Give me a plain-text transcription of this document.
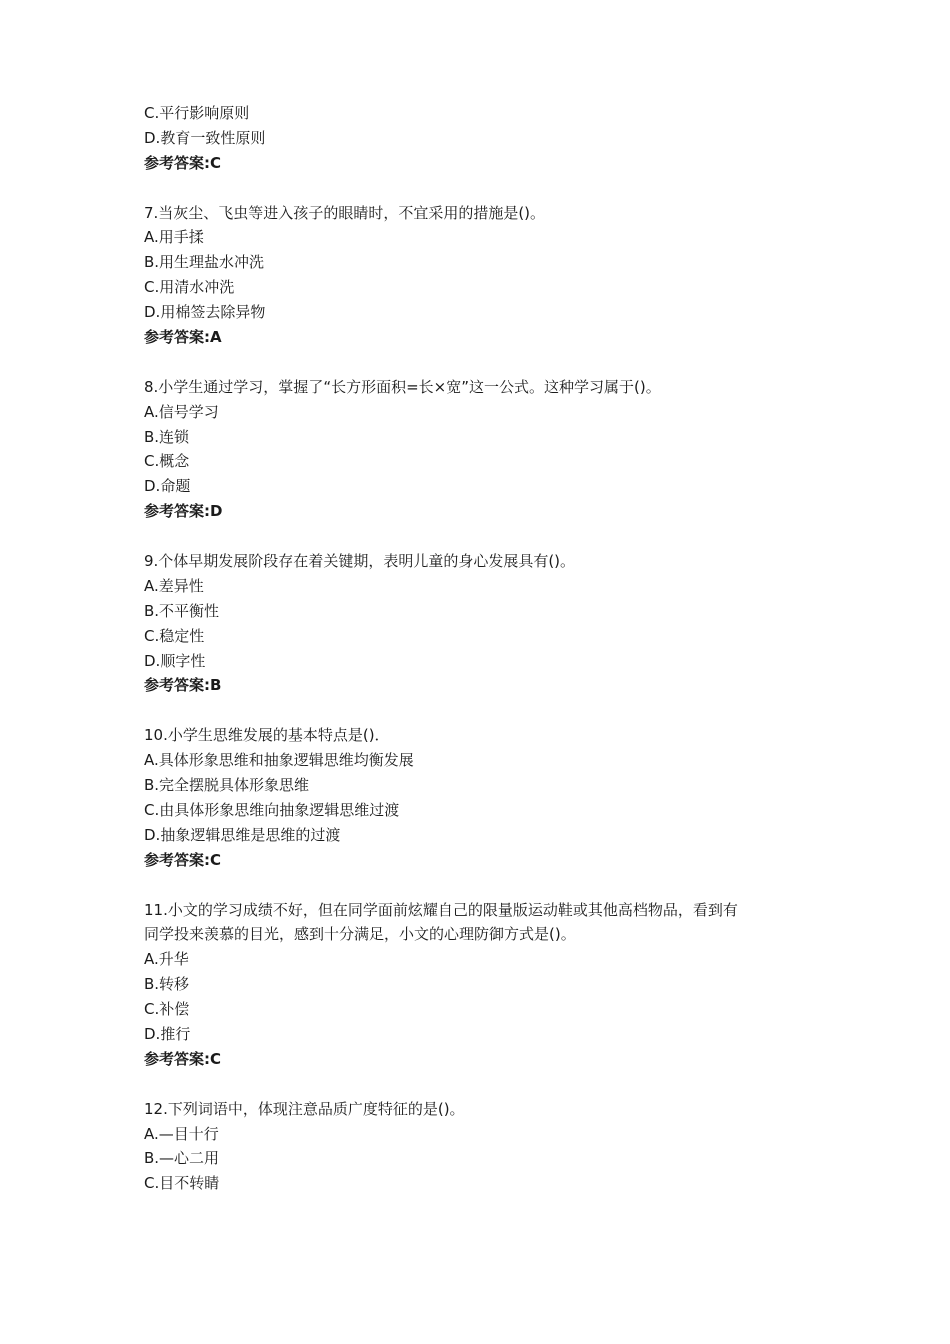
C.平行影响原则
D.教育一致性原则
参考答案:C
7.当灰尘、飞虫等进入孩子的眼睛时，不宜采用的措施是()。
A.用手揉
B.用生理盐水冲洗
C.用清水冲洗
D.用棉签去除异物
参考答案:A
8.小学生通过学习，掌握了“长方形面积=长×宽”这一公式。这种学习属于()。
A.信号学习
B.连锁
C.概念
D.命题
参考答案:D
9.个体早期发展阶段存在着关键期，表明儿童的身心发展具有()。
A.差异性
B.不平衡性
C.稳定性
D.顺字性
参考答案:B
10.小学生思维发展的基本特点是()．
A.具体形象思维和抽象逻辑思维均衡发展
B.完全摆脱具体形象思维
C.由具体形象思维向抽象逻辑思维过渡
D.抽象逻辑思维是思维的过渡
参考答案:C
11.小文的学习成绩不好，但在同学面前炫耀自己的限量版运动鞋或其他高档物品，看到有
同学投来羡慕的目光，感到十分满足，小文的心理防御方式是()。
A.升华
B.转移
C.补偿
D.推行
参考答案:C
12.下列词语中，体现注意品质广度特征的是()。
A.—目十行
B.—心二用
C.目不转睛
